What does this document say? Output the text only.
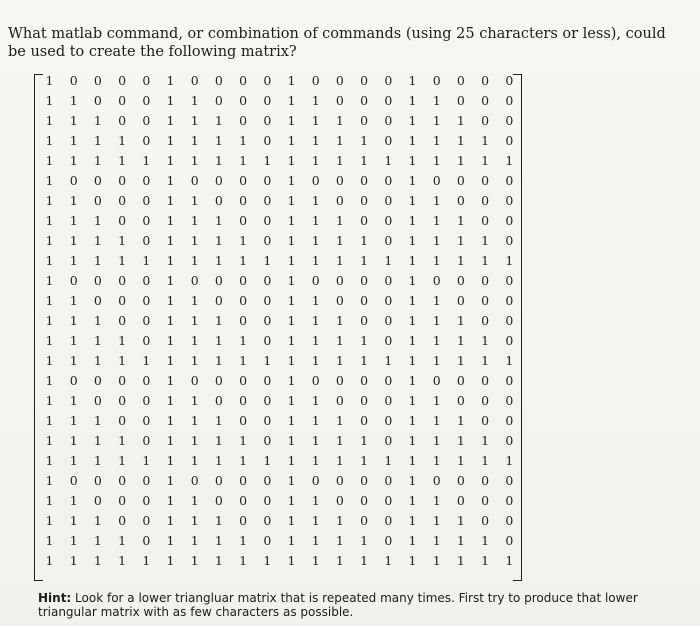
What matlab command, or combination of commands (using 25 characters or less), could be used to create the following matrix?

1	0	0	0	0	1	0	0	0	0	1	0	0	0	0	1	0	0	0	0
1	1	0	0	0	1	1	0	0	0	1	1	0	0	0	1	1	0	0	0
1	1	1	0	0	1	1	1	0	0	1	1	1	0	0	1	1	1	0	0
1	1	1	1	0	1	1	1	1	0	1	1	1	1	0	1	1	1	1	0
1	1	1	1	1	1	1	1	1	1	1	1	1	1	1	1	1	1	1	1
1	0	0	0	0	1	0	0	0	0	1	0	0	0	0	1	0	0	0	0
1	1	0	0	0	1	1	0	0	0	1	1	0	0	0	1	1	0	0	0
1	1	1	0	0	1	1	1	0	0	1	1	1	0	0	1	1	1	0	0
1	1	1	1	0	1	1	1	1	0	1	1	1	1	0	1	1	1	1	0
1	1	1	1	1	1	1	1	1	1	1	1	1	1	1	1	1	1	1	1
1	0	0	0	0	1	0	0	0	0	1	0	0	0	0	1	0	0	0	0
1	1	0	0	0	1	1	0	0	0	1	1	0	0	0	1	1	0	0	0
1	1	1	0	0	1	1	1	0	0	1	1	1	0	0	1	1	1	0	0
1	1	1	1	0	1	1	1	1	0	1	1	1	1	0	1	1	1	1	0
1	1	1	1	1	1	1	1	1	1	1	1	1	1	1	1	1	1	1	1
1	0	0	0	0	1	0	0	0	0	1	0	0	0	0	1	0	0	0	0
1	1	0	0	0	1	1	0	0	0	1	1	0	0	0	1	1	0	0	0
1	1	1	0	0	1	1	1	0	0	1	1	1	0	0	1	1	1	0	0
1	1	1	1	0	1	1	1	1	0	1	1	1	1	0	1	1	1	1	0
1	1	1	1	1	1	1	1	1	1	1	1	1	1	1	1	1	1	1	1
1	0	0	0	0	1	0	0	0	0	1	0	0	0	0	1	0	0	0	0
1	1	0	0	0	1	1	0	0	0	1	1	0	0	0	1	1	0	0	0
1	1	1	0	0	1	1	1	0	0	1	1	1	0	0	1	1	1	0	0
1	1	1	1	0	1	1	1	1	0	1	1	1	1	0	1	1	1	1	0
1	1	1	1	1	1	1	1	1	1	1	1	1	1	1	1	1	1	1	1

Hint: Look for a lower triangluar matrix that is repeated many times. First try to produce that lower triangular matrix with as few characters as possible.
